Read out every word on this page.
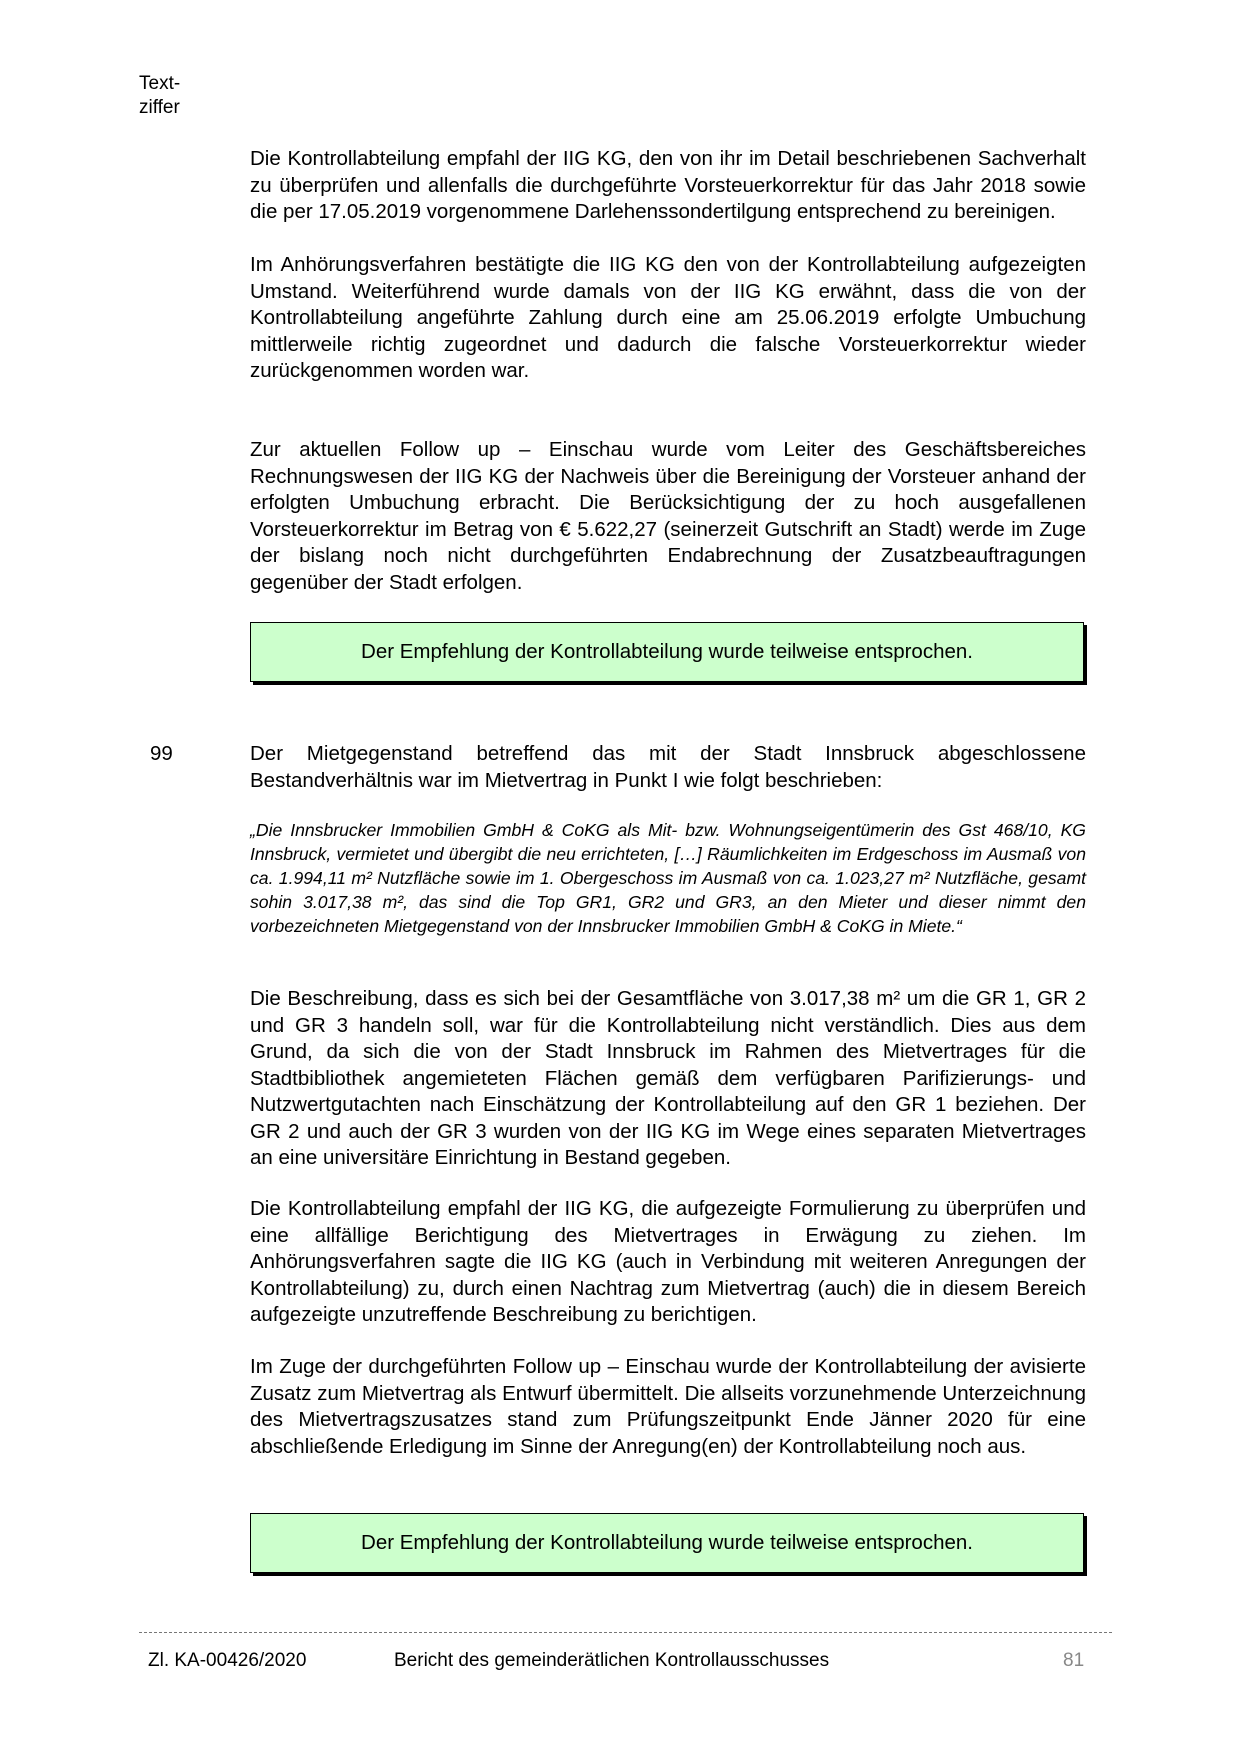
Text-
ziffer

Die Kontrollabteilung empfahl der IIG KG, den von ihr im Detail beschriebenen Sachverhalt zu überprüfen und allenfalls die durchgeführte Vorsteuerkorrektur für das Jahr 2018 sowie die per 17.05.2019 vorgenommene Darlehenssondertilgung entsprechend zu bereinigen.

Im Anhörungsverfahren bestätigte die IIG KG den von der Kontrollabteilung aufgezeigten Umstand. Weiterführend wurde damals von der IIG KG erwähnt, dass die von der Kontrollabteilung angeführte Zahlung durch eine am 25.06.2019 erfolgte Umbuchung mittlerweile richtig zugeordnet und dadurch die falsche Vorsteuerkorrektur wieder zurückgenommen worden war.

Zur aktuellen Follow up – Einschau wurde vom Leiter des Geschäftsbereiches Rechnungswesen der IIG KG der Nachweis über die Bereinigung der Vorsteuer anhand der erfolgten Umbuchung erbracht. Die Berücksichtigung der zu hoch ausgefallenen Vorsteuerkorrektur im Betrag von € 5.622,27 (seinerzeit Gutschrift an Stadt) werde im Zuge der bislang noch nicht durchgeführten Endabrechnung der Zusatzbeauftragungen gegenüber der Stadt erfolgen.

Der Empfehlung der Kontrollabteilung wurde teilweise entsprochen.
99	Der Mietgegenstand betreffend das mit der Stadt Innsbruck abgeschlossene Bestandverhältnis war im Mietvertrag in Punkt I wie folgt beschrieben:

„Die Innsbrucker Immobilien GmbH & CoKG als Mit- bzw. Wohnungseigentümerin des Gst 468/10, KG Innsbruck, vermietet und übergibt die neu errichteten, […] Räumlichkeiten im Erdgeschoss im Ausmaß von ca. 1.994,11 m² Nutzfläche sowie im 1. Obergeschoss im Ausmaß von ca. 1.023,27 m² Nutzfläche, gesamt sohin 3.017,38 m², das sind die Top GR1, GR2 und GR3, an den Mieter und dieser nimmt den vorbezeichneten Mietgegenstand von der Innsbrucker Immobilien GmbH & CoKG in Miete.“

Die Beschreibung, dass es sich bei der Gesamtfläche von 3.017,38 m² um die GR 1, GR 2 und GR 3 handeln soll, war für die Kontrollabteilung nicht verständlich. Dies aus dem Grund, da sich die von der Stadt Innsbruck im Rahmen des Mietvertrages für die Stadtbibliothek angemieteten Flächen gemäß dem verfügbaren Parifizierungs- und Nutzwertgutachten nach Einschätzung der Kontrollabteilung auf den GR 1 beziehen. Der GR 2 und auch der GR 3 wurden von der IIG KG im Wege eines separaten Mietvertrages an eine universitäre Einrichtung in Bestand gegeben.

Die Kontrollabteilung empfahl der IIG KG, die aufgezeigte Formulierung zu überprüfen und eine allfällige Berichtigung des Mietvertrages in Erwägung zu ziehen. Im Anhörungsverfahren sagte die IIG KG (auch in Verbindung mit weiteren Anregungen der Kontrollabteilung) zu, durch einen Nachtrag zum Mietvertrag (auch) die in diesem Bereich aufgezeigte unzutreffende Beschreibung zu berichtigen.

Im Zuge der durchgeführten Follow up – Einschau wurde der Kontrollabteilung der avisierte Zusatz zum Mietvertrag als Entwurf übermittelt. Die allseits vorzunehmende Unterzeichnung des Mietvertragszusatzes stand zum Prüfungszeitpunkt Ende Jänner 2020 für eine abschließende Erledigung im Sinne der Anregung(en) der Kontrollabteilung noch aus.

Der Empfehlung der Kontrollabteilung wurde teilweise entsprochen.
Zl. KA-00426/2020	Bericht des gemeinderätlichen Kontrollausschusses	81
